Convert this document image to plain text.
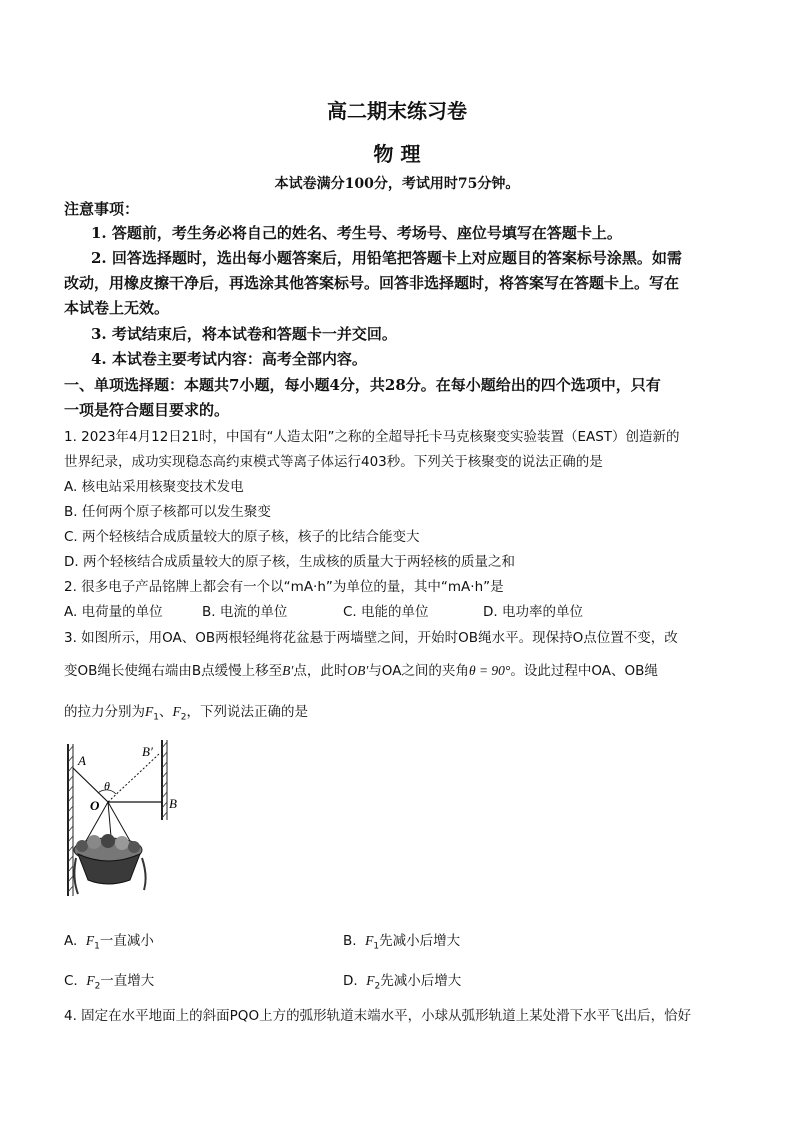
高二期末练习卷
物 理
本试卷满分100分，考试用时75分钟。
注意事项：
1. 答题前，考生务必将自己的姓名、考生号、考场号、座位号填写在答题卡上。
2. 回答选择题时，选出每小题答案后，用铅笔把答题卡上对应题目的答案标号涂黑。如需
改动，用橡皮擦干净后，再选涂其他答案标号。回答非选择题时，将答案写在答题卡上。写在
本试卷上无效。
3. 考试结束后，将本试卷和答题卡一并交回。
4. 本试卷主要考试内容：高考全部内容。
一、单项选择题：本题共7小题，每小题4分，共28分。在每小题给出的四个选项中，只有
一项是符合题目要求的。
1. 2023年4月12日21时，中国有“人造太阳”之称的全超导托卡马克核聚变实验装置（EAST）创造新的
世界纪录，成功实现稳态高约束模式等离子体运行403秒。下列关于核聚变的说法正确的是
A. 核电站采用核聚变技术发电
B. 任何两个原子核都可以发生聚变
C. 两个轻核结合成质量较大的原子核，核子的比结合能变大
D. 两个轻核结合成质量较大的原子核，生成核的质量大于两轻核的质量之和
2. 很多电子产品铭牌上都会有一个以“mA·h”为单位的量，其中“mA·h”是
A. 电荷量的单位	B. 电流的单位	C. 电能的单位	D. 电功率的单位
3. 如图所示，用OA、OB两根轻绳将花盆悬于两墙壁之间，开始时OB绳水平。现保持O点位置不变，改
变OB绳长使绳右端由B点缓慢上移至B′点，此时OB′与OA之间的夹角θ = 90°。设此过程中OA、OB绳
的拉力分别为$F_1$、$F_2$，下列说法正确的是
A
B′
θ
O	B
A. $F_1$一直减小	B. $F_1$先减小后增大
C. $F_2$一直增大	D. $F_2$先减小后增大
4. 固定在水平地面上的斜面PQO上方的弧形轨道末端水平，小球从弧形轨道上某处滑下水平飞出后，恰好
